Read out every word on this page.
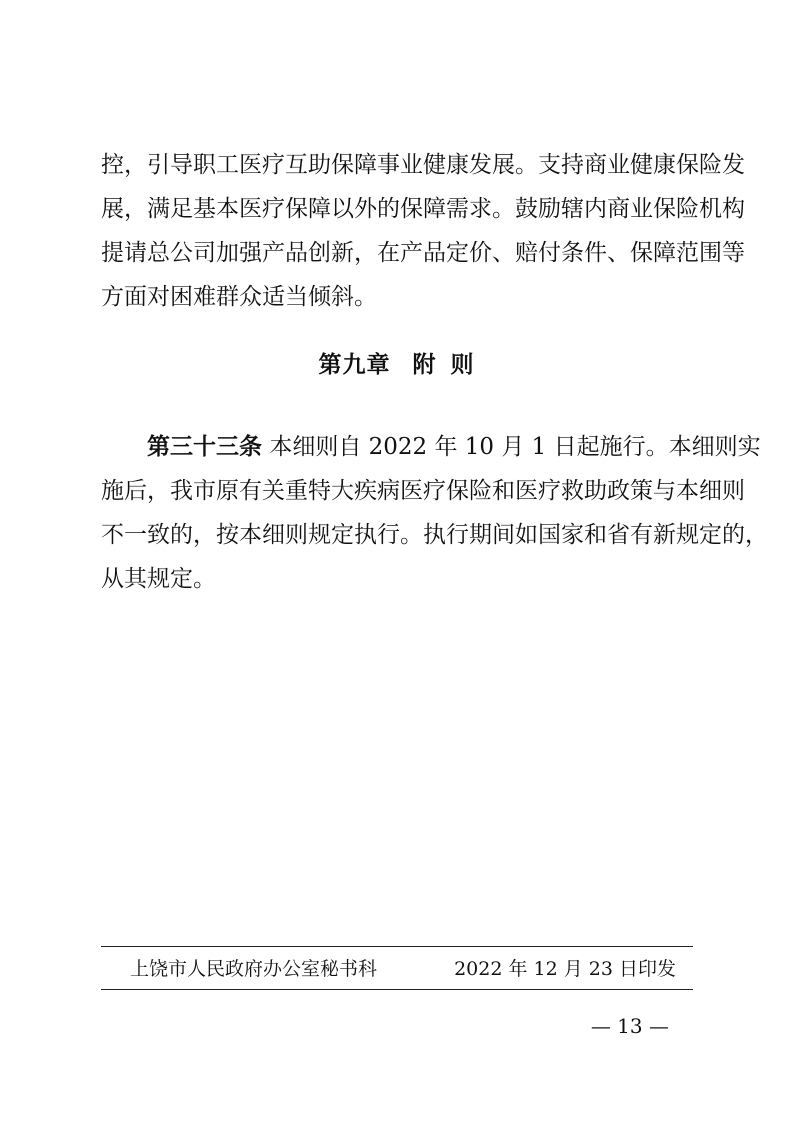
控，引导职工医疗互助保障事业健康发展。支持商业健康保险发
展，满足基本医疗保障以外的保障需求。鼓励辖内商业保险机构
提请总公司加强产品创新，在产品定价、赔付条件、保障范围等
方面对困难群众适当倾斜。
第九章 附 则
第三十三条 本细则自 2022 年 10 月 1 日起施行。本细则实
施后，我市原有关重特大疾病医疗保险和医疗救助政策与本细则
不一致的，按本细则规定执行。执行期间如国家和省有新规定的，
从其规定。
上饶市人民政府办公室秘书科	2022 年 12 月 23 日印发
— 13 —
